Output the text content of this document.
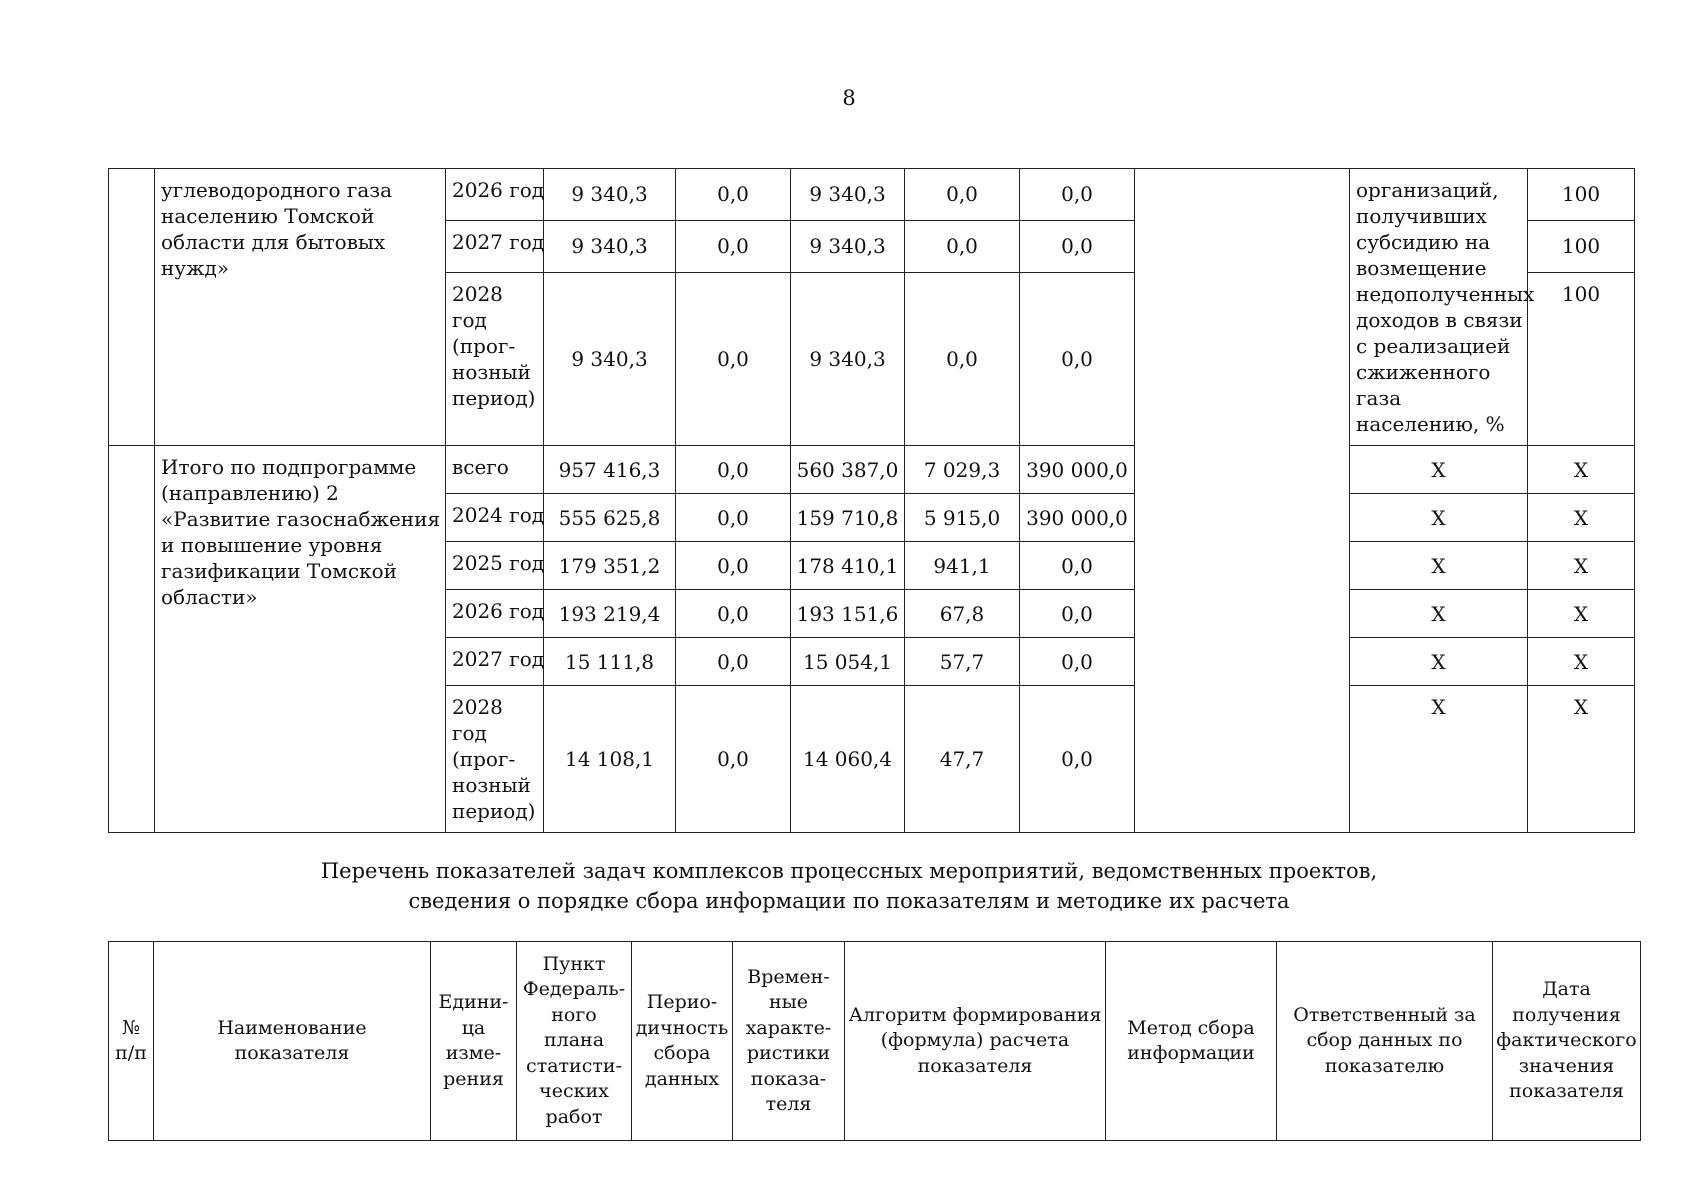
8
	углеводородного газа населению Томской области для бытовых нужд»	2026 год	9 340,3	0,0	9 340,3	0,0	0,0		организаций, получивших субсидию на возмещение недополученных доходов в связи с реализацией сжиженного газа населению, %	100
		2027 год	9 340,3	0,0	9 340,3	0,0	0,0			100
		2028 год (прог-нозный период)	9 340,3	0,0	9 340,3	0,0	0,0			100
	Итого по подпрограмме (направлению) 2 «Развитие газоснабжения и повышение уровня газификации Томской области»	всего	957 416,3	0,0	560 387,0	7 029,3	390 000,0		Х	Х
		2024 год	555 625,8	0,0	159 710,8	5 915,0	390 000,0		Х	Х
		2025 год	179 351,2	0,0	178 410,1	941,1	0,0		Х	Х
		2026 год	193 219,4	0,0	193 151,6	67,8	0,0		Х	Х
		2027 год	15 111,8	0,0	15 054,1	57,7	0,0		Х	Х
		2028 год (прог-нозный период)	14 108,1	0,0	14 060,4	47,7	0,0		Х	Х
Перечень показателей задач комплексов процессных мероприятий, ведомственных проектов,
сведения о порядке сбора информации по показателям и методике их расчета
№ п/п	Наименование показателя	Едини-ца изме-рения	Пункт Федераль-ного плана статисти-ческих работ	Перио-дичность сбора данных	Времен-ные характе-ристики показа-теля	Алгоритм формирования (формула) расчета показателя	Метод сбора информации	Ответственный за сбор данных по показателю	Дата получения фактического значения показателя
